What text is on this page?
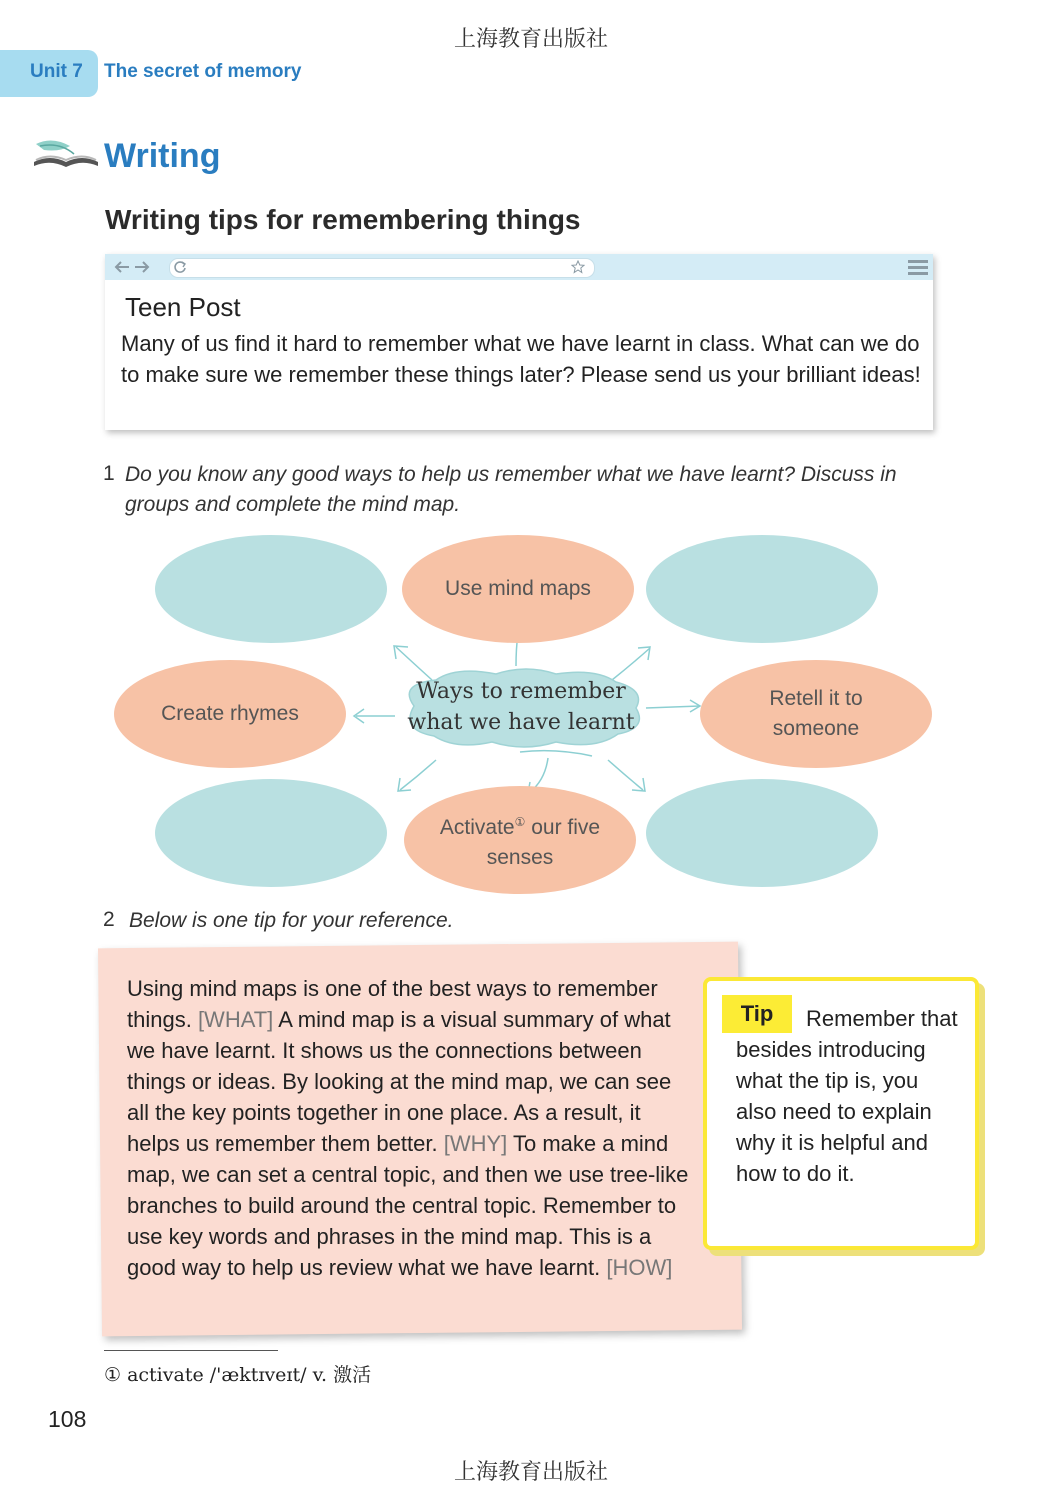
上海教育出版社
Unit 7 The secret of memory
Writing
Writing tips for remembering things
Teen Post
Many of us find it hard to remember what we have learnt in class. What can we do to make sure we remember these things later? Please send us your brilliant ideas!
1 Do you know any good ways to help us remember what we have learnt? Discuss in groups and complete the mind map.
Use mind maps
Create rhymes
Ways to remember
what we have learnt
Retell it to
someone
Activate① our five
senses
2 Below is one tip for your reference.
Using mind maps is one of the best ways to remember things. [WHAT] A mind map is a visual summary of what we have learnt. It shows us the connections between things or ideas. By looking at the mind map, we can see all the key points together in one place. As a result, it helps us remember them better. [WHY] To make a mind map, we can set a central topic, and then we use tree-like branches to build around the central topic. Remember to use key words and phrases in the mind map. This is a good way to help us review what we have learnt. [HOW]
Tip	Remember that besides introducing what the tip is, you also need to explain why it is helpful and how to do it.
① activate /'æktɪveɪt/ v. 激活
108
上海教育出版社
